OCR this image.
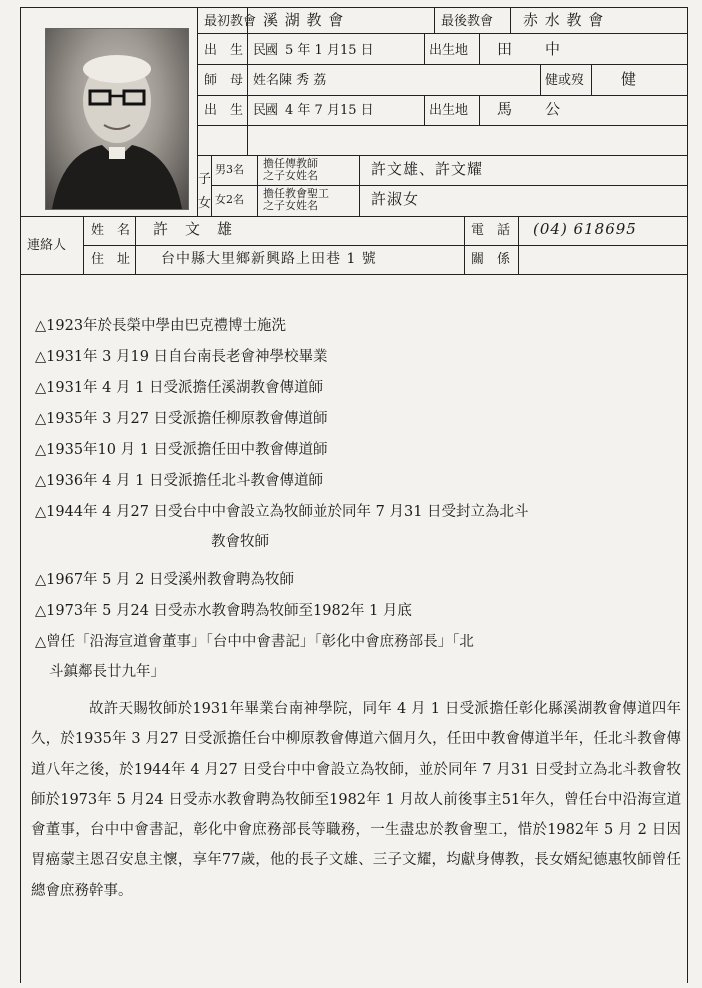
最初教會 溪 湖 教 會	最後教會 赤 水 教 會
出　生 民國 5 年 1 月15 日	出生地 田　　中
師　母 姓名陳 秀 荔	健或歿 健
出　生 民國 4 年 7 月15 日	出生地 馬　　公
子女
男3名 擔任傳教師
之子女姓名	許文雄、許文耀
女2名 擔任教會聖工
之子女姓名	許淑女
連絡人
姓　名 許　文　雄	電　話 (04) 618695
住　址 台中縣大里鄉新興路上田巷 1 號	關　係
△1923年於長榮中學由巴克禮博士施洗
△1931年 3 月19 日自台南長老會神學校畢業
△1931年 4 月 1 日受派擔任溪湖教會傳道師
△1935年 3 月27 日受派擔任柳原教會傳道師
△1935年10 月 1 日受派擔任田中教會傳道師
△1936年 4 月 1 日受派擔任北斗教會傳道師
△1944年 4 月27 日受台中中會設立為牧師並於同年 7 月31 日受封立為北斗
教會牧師
△1967年 5 月 2 日受溪州教會聘為牧師
△1973年 5 月24 日受赤水教會聘為牧師至1982年 1 月底
△曾任「沿海宣道會董事」「台中中會書記」「彰化中會庶務部長」「北
斗鎮鄰長廿九年」

故許天賜牧師於1931年畢業台南神學院，同年 4 月 1 日受派擔任彰化縣溪湖教會傳道四年久，於1935年 3 月27 日受派擔任台中柳原教會傳道六個月久，任田中教會傳道半年，任北斗教會傳道八年之後，於1944年 4 月27 日受台中中會設立為牧師，並於同年 7 月31 日受封立為北斗教會牧師於1973年 5 月24 日受赤水教會聘為牧師至1982年 1 月故人前後事主51年久，曾任台中沿海宣道會董事，台中中會書記，彰化中會庶務部長等職務，一生盡忠於教會聖工，惜於1982年 5 月 2 日因胃癌蒙主恩召安息主懷，享年77歲，他的長子文雄、三子文耀，均獻身傳教，長女婿紀德惠牧師曾任總會庶務幹事。
